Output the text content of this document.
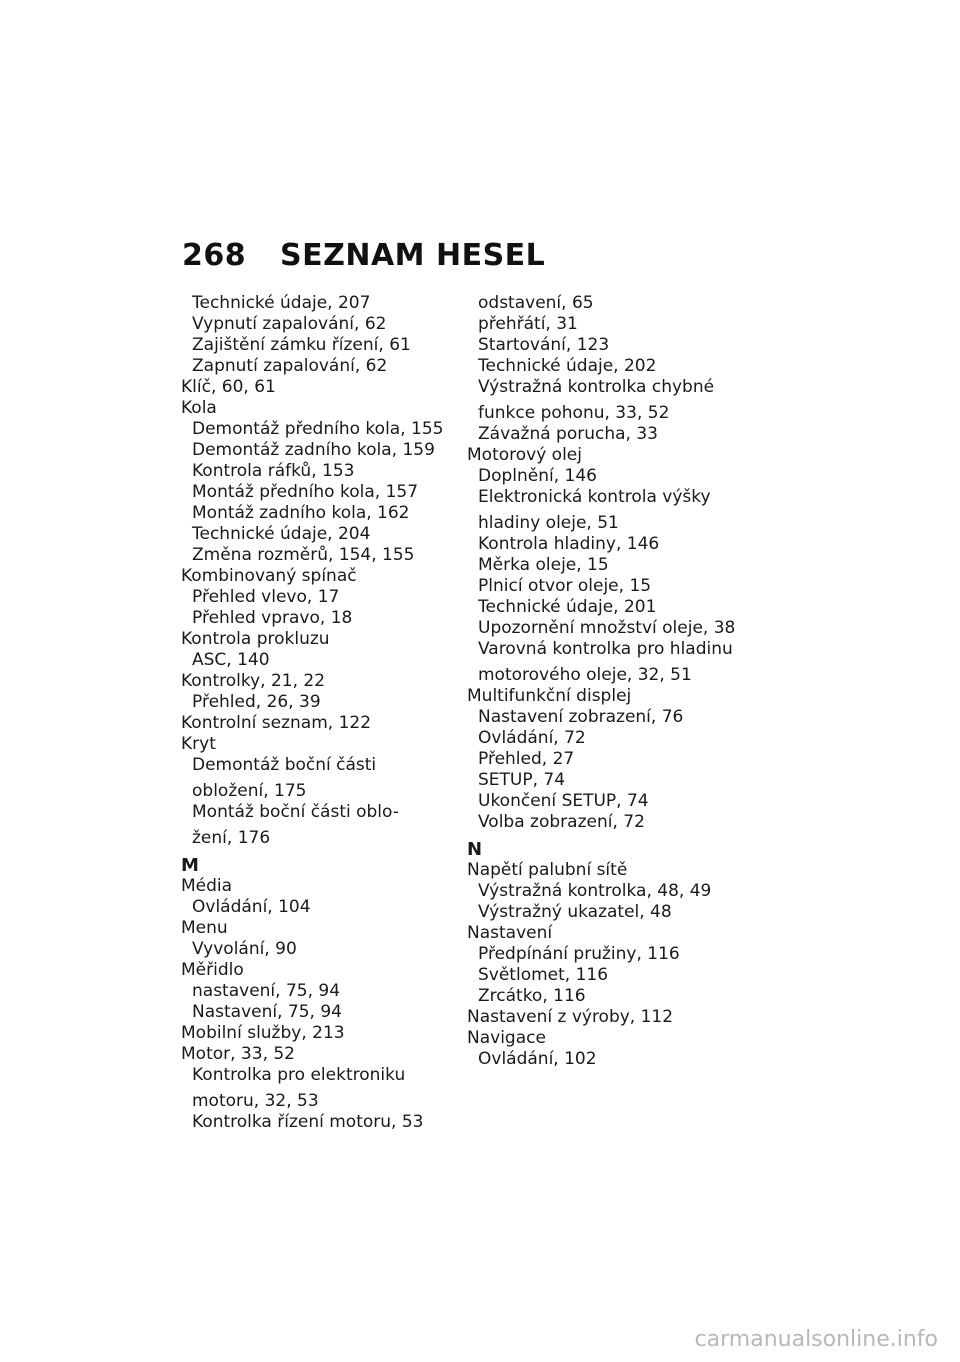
268 SEZNAM HESEL
Technické údaje, 207
Vypnutí zapalování, 62
Zajištění zámku řízení, 61
Zapnutí zapalování, 62
Klíč, 60, 61
Kola
Demontáž předního kola, 155
Demontáž zadního kola, 159
Kontrola ráfků, 153
Montáž předního kola, 157
Montáž zadního kola, 162
Technické údaje, 204
Změna rozměrů, 154, 155
Kombinovaný spínač
Přehled vlevo, 17
Přehled vpravo, 18
Kontrola prokluzu
ASC, 140
Kontrolky, 21, 22
Přehled, 26, 39
Kontrolní seznam, 122
Kryt
Demontáž boční části
obložení, 175
Montáž boční části oblo-
žení, 176
M
Média
Ovládání, 104
Menu
Vyvolání, 90
Měřidlo
nastavení, 75, 94
Nastavení, 75, 94
Mobilní služby, 213
Motor, 33, 52
Kontrolka pro elektroniku
motoru, 32, 53
Kontrolka řízení motoru, 53
odstavení, 65
přehřátí, 31
Startování, 123
Technické údaje, 202
Výstražná kontrolka chybné
funkce pohonu, 33, 52
Závažná porucha, 33
Motorový olej
Doplnění, 146
Elektronická kontrola výšky
hladiny oleje, 51
Kontrola hladiny, 146
Měrka oleje, 15
Plnicí otvor oleje, 15
Technické údaje, 201
Upozornění množství oleje, 38
Varovná kontrolka pro hladinu
motorového oleje, 32, 51
Multifunkční displej
Nastavení zobrazení, 76
Ovládání, 72
Přehled, 27
SETUP, 74
Ukončení SETUP, 74
Volba zobrazení, 72
N
Napětí palubní sítě
Výstražná kontrolka, 48, 49
Výstražný ukazatel, 48
Nastavení
Předpínání pružiny, 116
Světlomet, 116
Zrcátko, 116
Nastavení z výroby, 112
Navigace
Ovládání, 102
carmanualsonline.info
